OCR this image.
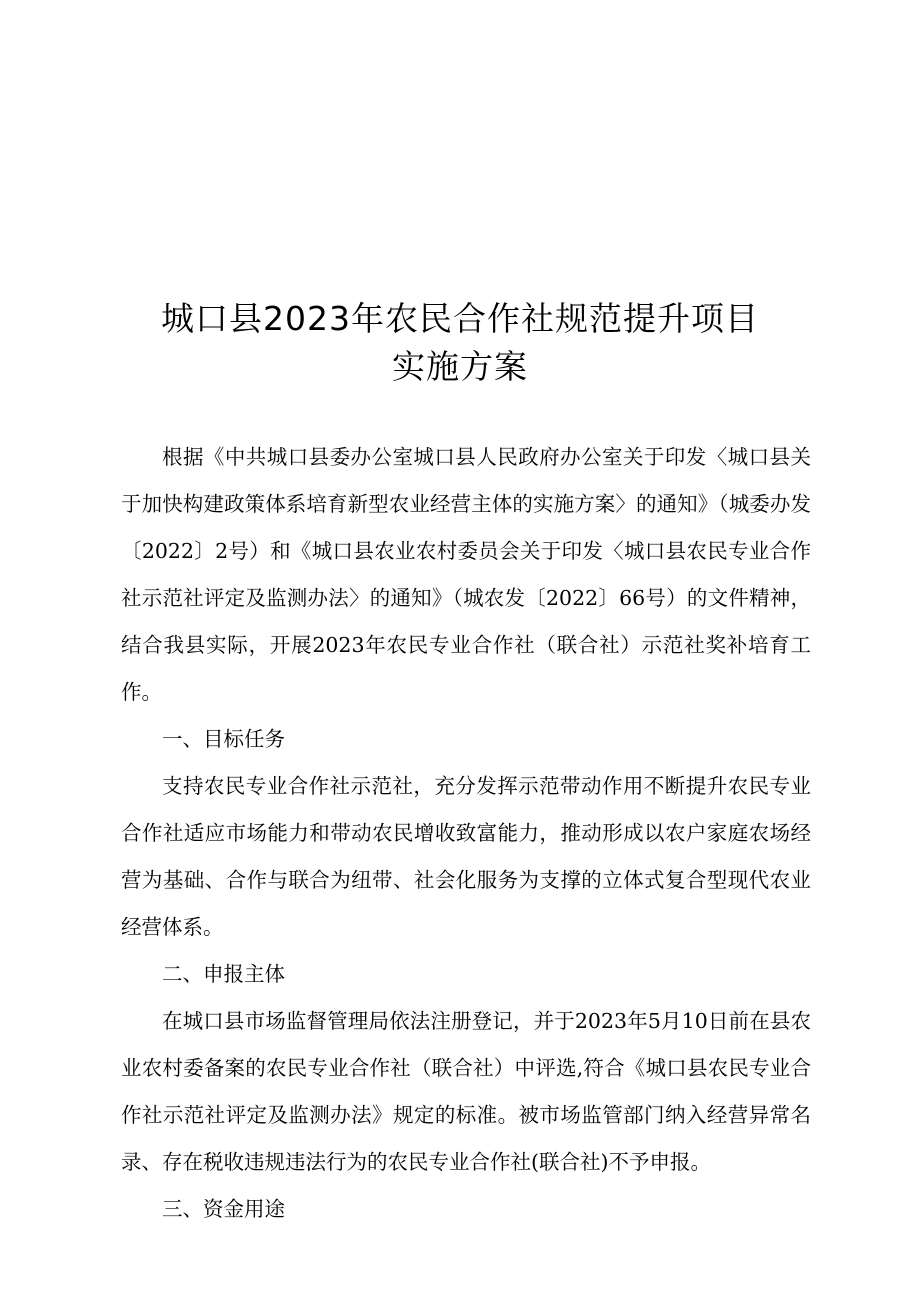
城口县2023年农民合作社规范提升项目
实施方案

根据《中共城口县委办公室城口县人民政府办公室关于印发〈城口县关于加快构建政策体系培育新型农业经营主体的实施方案〉的通知》（城委办发〔2022〕2号）和《城口县农业农村委员会关于印发〈城口县农民专业合作社示范社评定及监测办法〉的通知》（城农发〔2022〕66号）的文件精神，结合我县实际，开展2023年农民专业合作社（联合社）示范社奖补培育工作。

一、目标任务

支持农民专业合作社示范社，充分发挥示范带动作用不断提升农民专业合作社适应市场能力和带动农民增收致富能力，推动形成以农户家庭农场经营为基础、合作与联合为纽带、社会化服务为支撑的立体式复合型现代农业经营体系。

二、申报主体

在城口县市场监督管理局依法注册登记，并于2023年5月10日前在县农业农村委备案的农民专业合作社（联合社）中评选,符合《城口县农民专业合作社示范社评定及监测办法》规定的标准。被市场监管部门纳入经营异常名录、存在税收违规违法行为的农民专业合作社(联合社)不予申报。

三、资金用途
